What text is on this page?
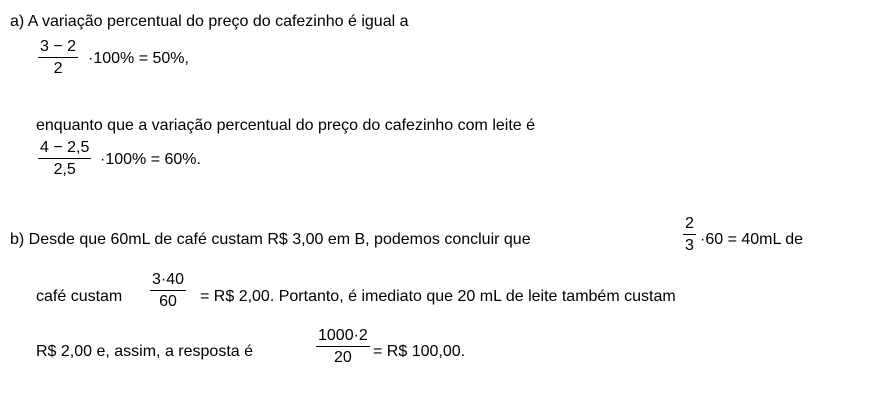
a) A variação percentual do preço do cafezinho é igual a
$\frac{3 - 2}{2} \cdot 100\% = 50\%$,
enquanto que a variação percentual do preço do cafezinho com leite é
$\frac{4 - 2,5}{2,5} \cdot 100\% = 60\%$.
b) Desde que 60mL de café custam R$ 3,00 em B, podemos concluir que	$\frac{2}{3} \cdot 60 = 40mL$ de
café custam $\frac{3\cdot 40}{60}$ = R$ 2,00. Portanto, é imediato que 20 mL de leite também custam
R$ 2,00 e, assim, a resposta é	$\frac{1000\cdot 2}{20}$ = R$ 100,00.
